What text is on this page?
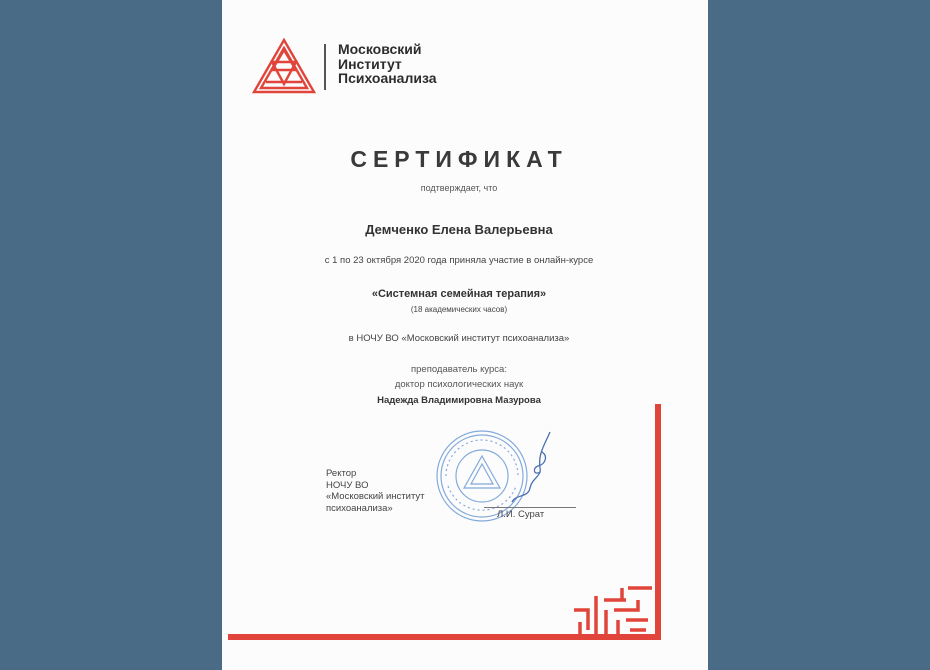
Московский
Институт
Психоанализа
СЕРТИФИКАТ
подтверждает, что
Демченко Елена Валерьевна
с 1 по 23 октября 2020 года приняла участие в онлайн-курсе
«Системная семейная терапия»
(18 академических часов)
в НОЧУ ВО «Московский институт психоанализа»
преподаватель курса:
доктор психологических наук
Надежда Владимировна Мазурова
Ректор
НОЧУ ВО
«Московский институт
психоанализа»
Л.И. Сурат
